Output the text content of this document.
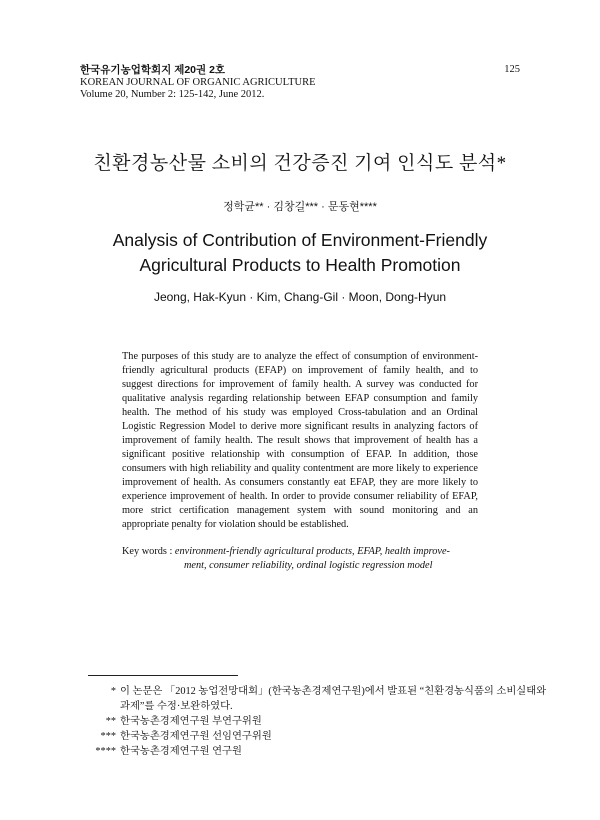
한국유기농업학회지 제20권 2호
KOREAN JOURNAL OF ORGANIC AGRICULTURE
Volume 20, Number 2: 125-142, June 2012.
125
친환경농산물 소비의 건강증진 기여 인식도 분석*
정학균** · 김창길*** · 문동현****
Analysis of Contribution of Environment-Friendly
Agricultural Products to Health Promotion
Jeong, Hak-Kyun · Kim, Chang-Gil · Moon, Dong-Hyun
The purposes of this study are to analyze the effect of consumption of environment-friendly agricultural products (EFAP) on improvement of family health, and to suggest directions for improvement of family health. A survey was conducted for qualitative analysis regarding relationship between EFAP consumption and family health. The method of his study was employed Cross-tabulation and an Ordinal Logistic Regression Model to derive more significant results in analyzing factors of improvement of family health. The result shows that improvement of health has a significant positive relationship with consumption of EFAP. In addition, those consumers with high reliability and quality contentment are more likely to experience improvement of health. As consumers constantly eat EFAP, they are more likely to experience improvement of health. In order to provide consumer reliability of EFAP, more strict certification management system with sound monitoring and an appropriate penalty for violation should be established.
Key words : environment-friendly agricultural products, EFAP, health improve-
ment, consumer reliability, ordinal logistic regression model
* 이 논문은 「2012 농업전망대회」(한국농촌경제연구원)에서 발표된 “친환경농식품의 소비실태와
과제”를 수정·보완하였다.
** 한국농촌경제연구원 부연구위원
*** 한국농촌경제연구원 선임연구위원
**** 한국농촌경제연구원 연구원
